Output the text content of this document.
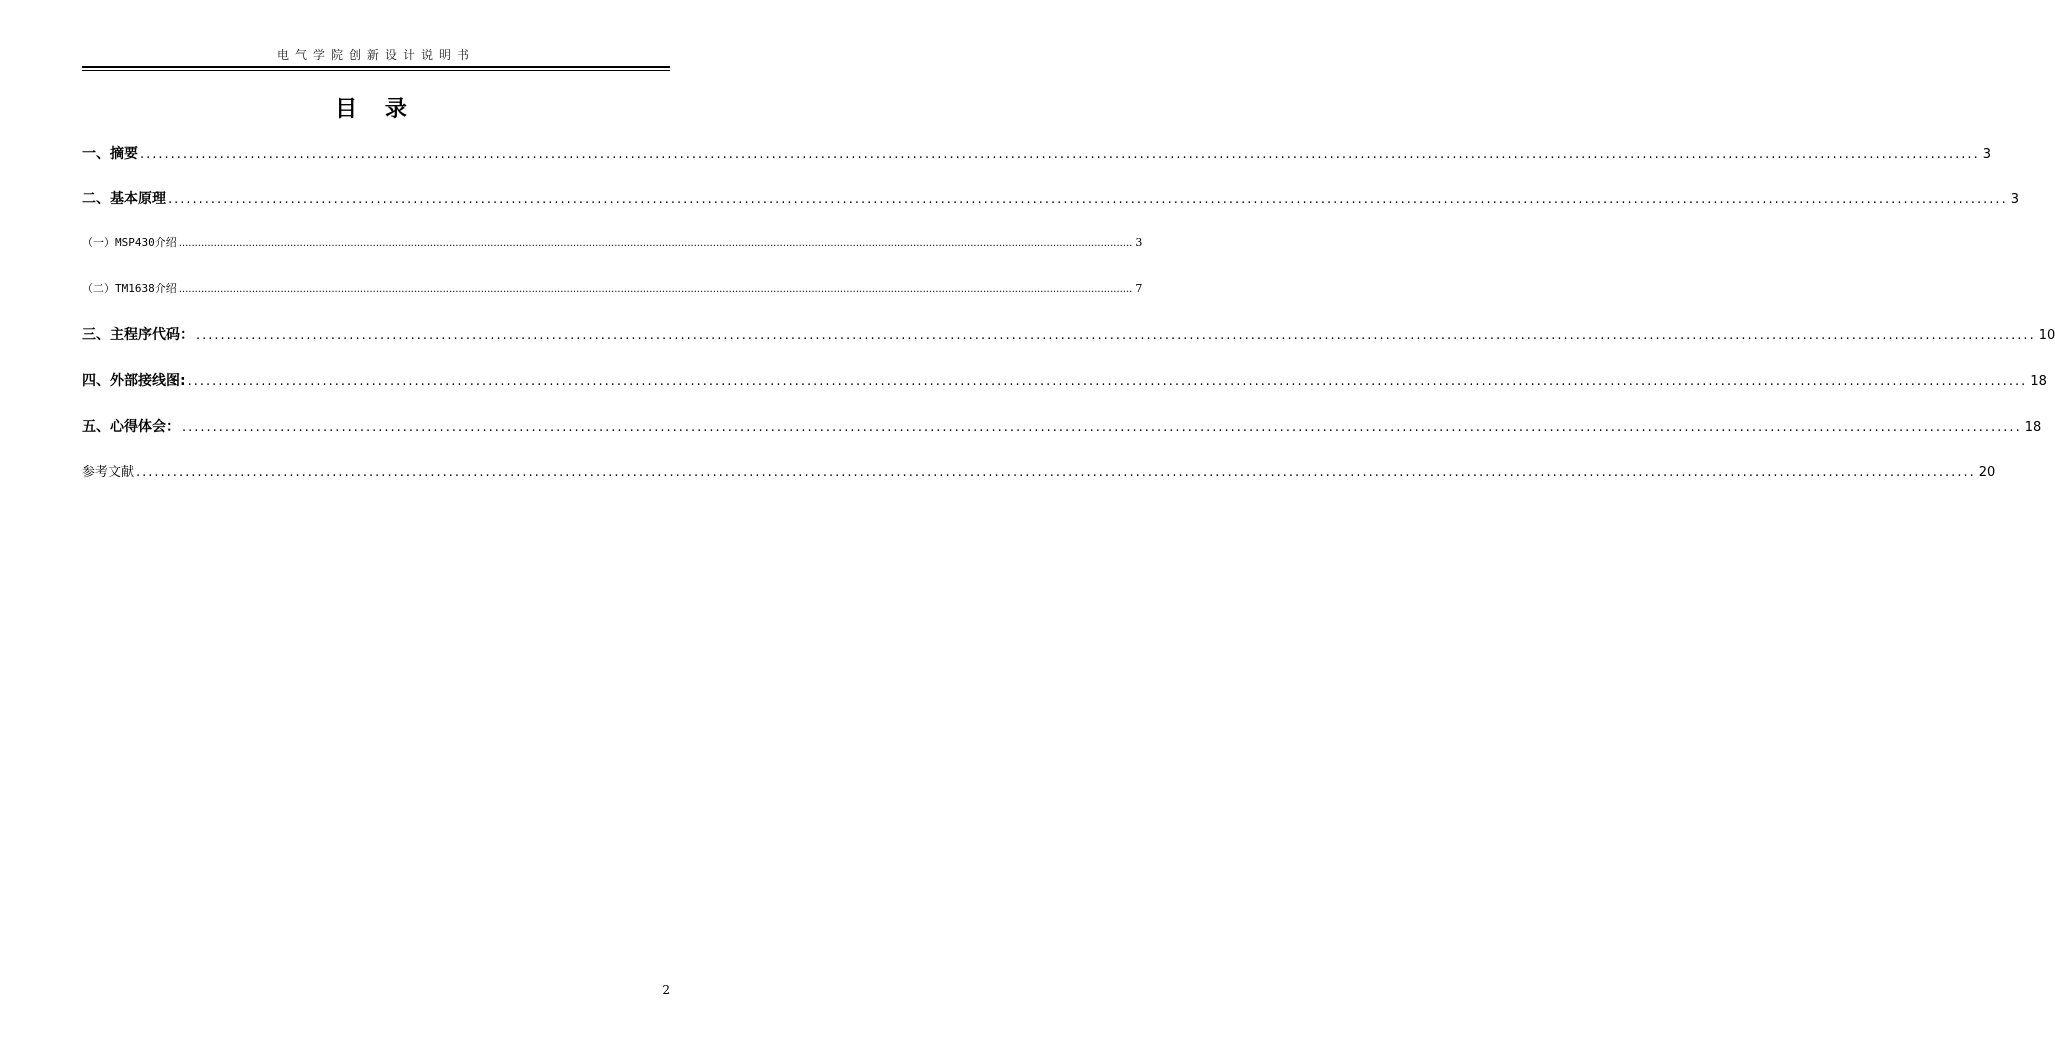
电气学院创新设计说明书
目 录
一、摘要 ............................................................................................................................................................................................................................................................................................................ 3
二、基本原理 ............................................................................................................................................................................................................................................................................................................ 3
（一）MSP430介绍 ............................................................................................................................................................................................................................................................................................................ 3
（二）TM1638介绍 ............................................................................................................................................................................................................................................................................................................ 7
三、主程序代码： ............................................................................................................................................................................................................................................................................................................ 10
四、外部接线图: ............................................................................................................................................................................................................................................................................................................ 18
五、心得体会： ............................................................................................................................................................................................................................................................................................................ 18
参考文献 ............................................................................................................................................................................................................................................................................................................ 20
2
